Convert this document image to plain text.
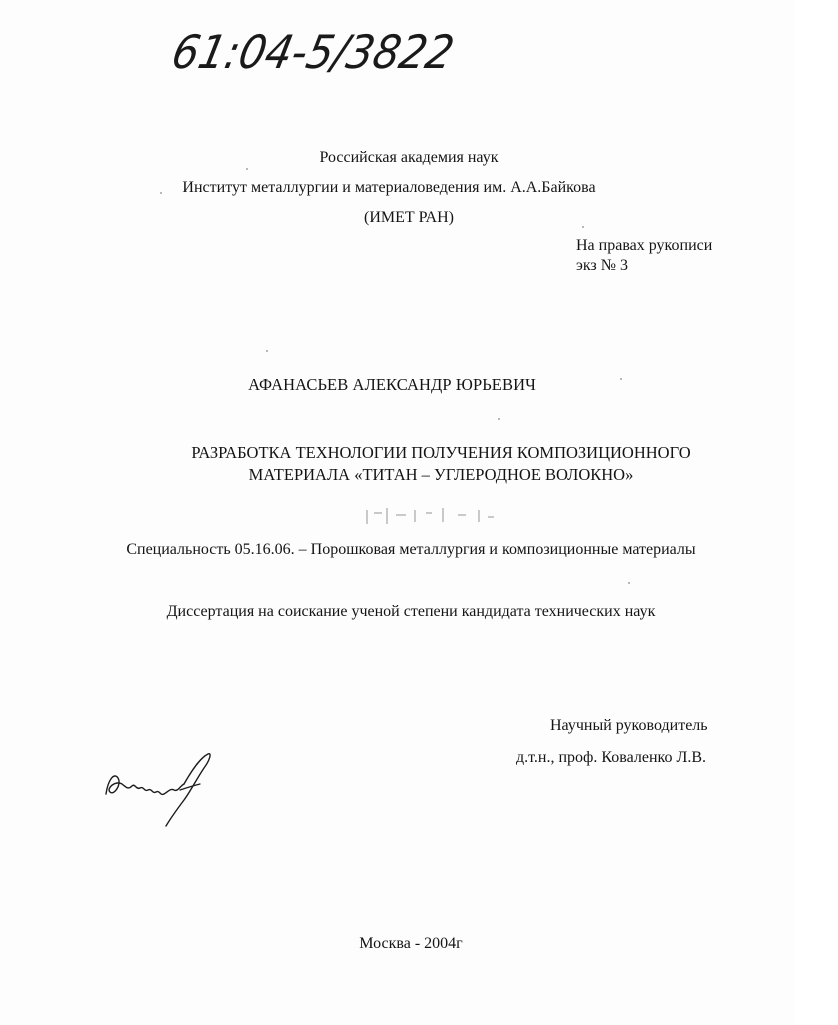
61:04-5/3822
Российская академия наук
Институт металлургии и материаловедения им. А.А.Байкова
(ИМЕТ РАН)
На правах рукописи
экз № 3
АФАНАСЬЕВ АЛЕКСАНДР ЮРЬЕВИЧ
РАЗРАБОТКА ТЕХНОЛОГИИ ПОЛУЧЕНИЯ КОМПОЗИЦИОННОГО
МАТЕРИАЛА «ТИТАН – УГЛЕРОДНОЕ ВОЛОКНО»
Специальность 05.16.06. – Порошковая металлургия и композиционные материалы
Диссертация на соискание ученой степени кандидата технических наук
Научный руководитель
д.т.н., проф. Коваленко Л.В.
Москва - 2004г
